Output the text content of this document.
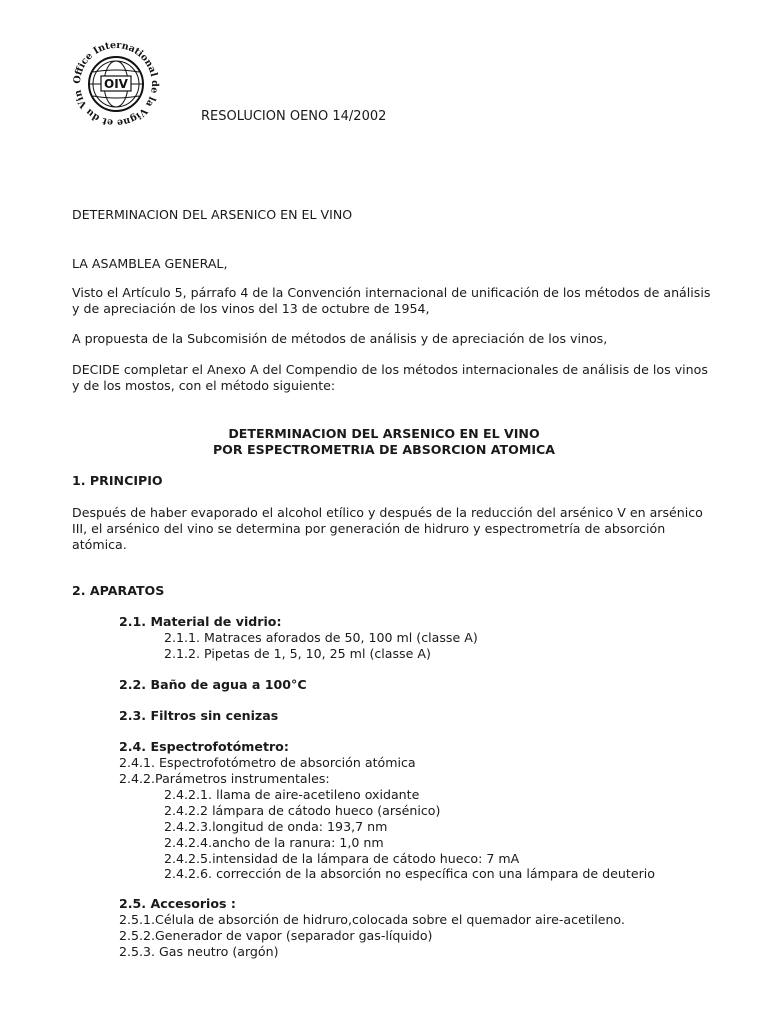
OIV
Office International de la Vigne et du Vin
RESOLUCION OENO 14/2002
DETERMINACION DEL ARSENICO EN EL VINO
LA ASAMBLEA GENERAL,
Visto el Artículo 5, párrafo 4 de la Convención internacional de unificación de los métodos de análisis y de apreciación de los vinos del 13 de octubre de 1954,
A propuesta de la Subcomisión de métodos de análisis y de apreciación de los vinos,
DECIDE completar el Anexo A del Compendio de los métodos internacionales de análisis de los vinos y de los mostos, con el método siguiente:
DETERMINACION DEL ARSENICO EN EL VINO
POR ESPECTROMETRIA DE ABSORCION ATOMICA
1. PRINCIPIO
Después de haber evaporado el alcohol etílico y después de la reducción del arsénico V en arsénico III, el arsénico del vino se determina por generación de hidruro y espectrometría de absorción atómica.
2. APARATOS
2.1. Material de vidrio:
2.1.1. Matraces aforados de 50, 100 ml (classe A)
2.1.2. Pipetas de 1, 5, 10, 25 ml (classe A)
2.2. Baño de agua a 100°C
2.3. Filtros sin cenizas
2.4. Espectrofotómetro:
2.4.1. Espectrofotómetro de absorción atómica
2.4.2.Parámetros instrumentales:
2.4.2.1. llama de aire-acetileno oxidante
2.4.2.2 lámpara de cátodo hueco (arsénico)
2.4.2.3.longitud de onda: 193,7 nm
2.4.2.4.ancho de la ranura: 1,0 nm
2.4.2.5.intensidad de la lámpara de cátodo hueco: 7 mA
2.4.2.6. corrección de la absorción no específica con una lámpara de deuterio
2.5. Accesorios :
2.5.1.Célula de absorción de hidruro,colocada sobre el quemador aire-acetileno.
2.5.2.Generador de vapor (separador gas-líquido)
2.5.3. Gas neutro (argón)
